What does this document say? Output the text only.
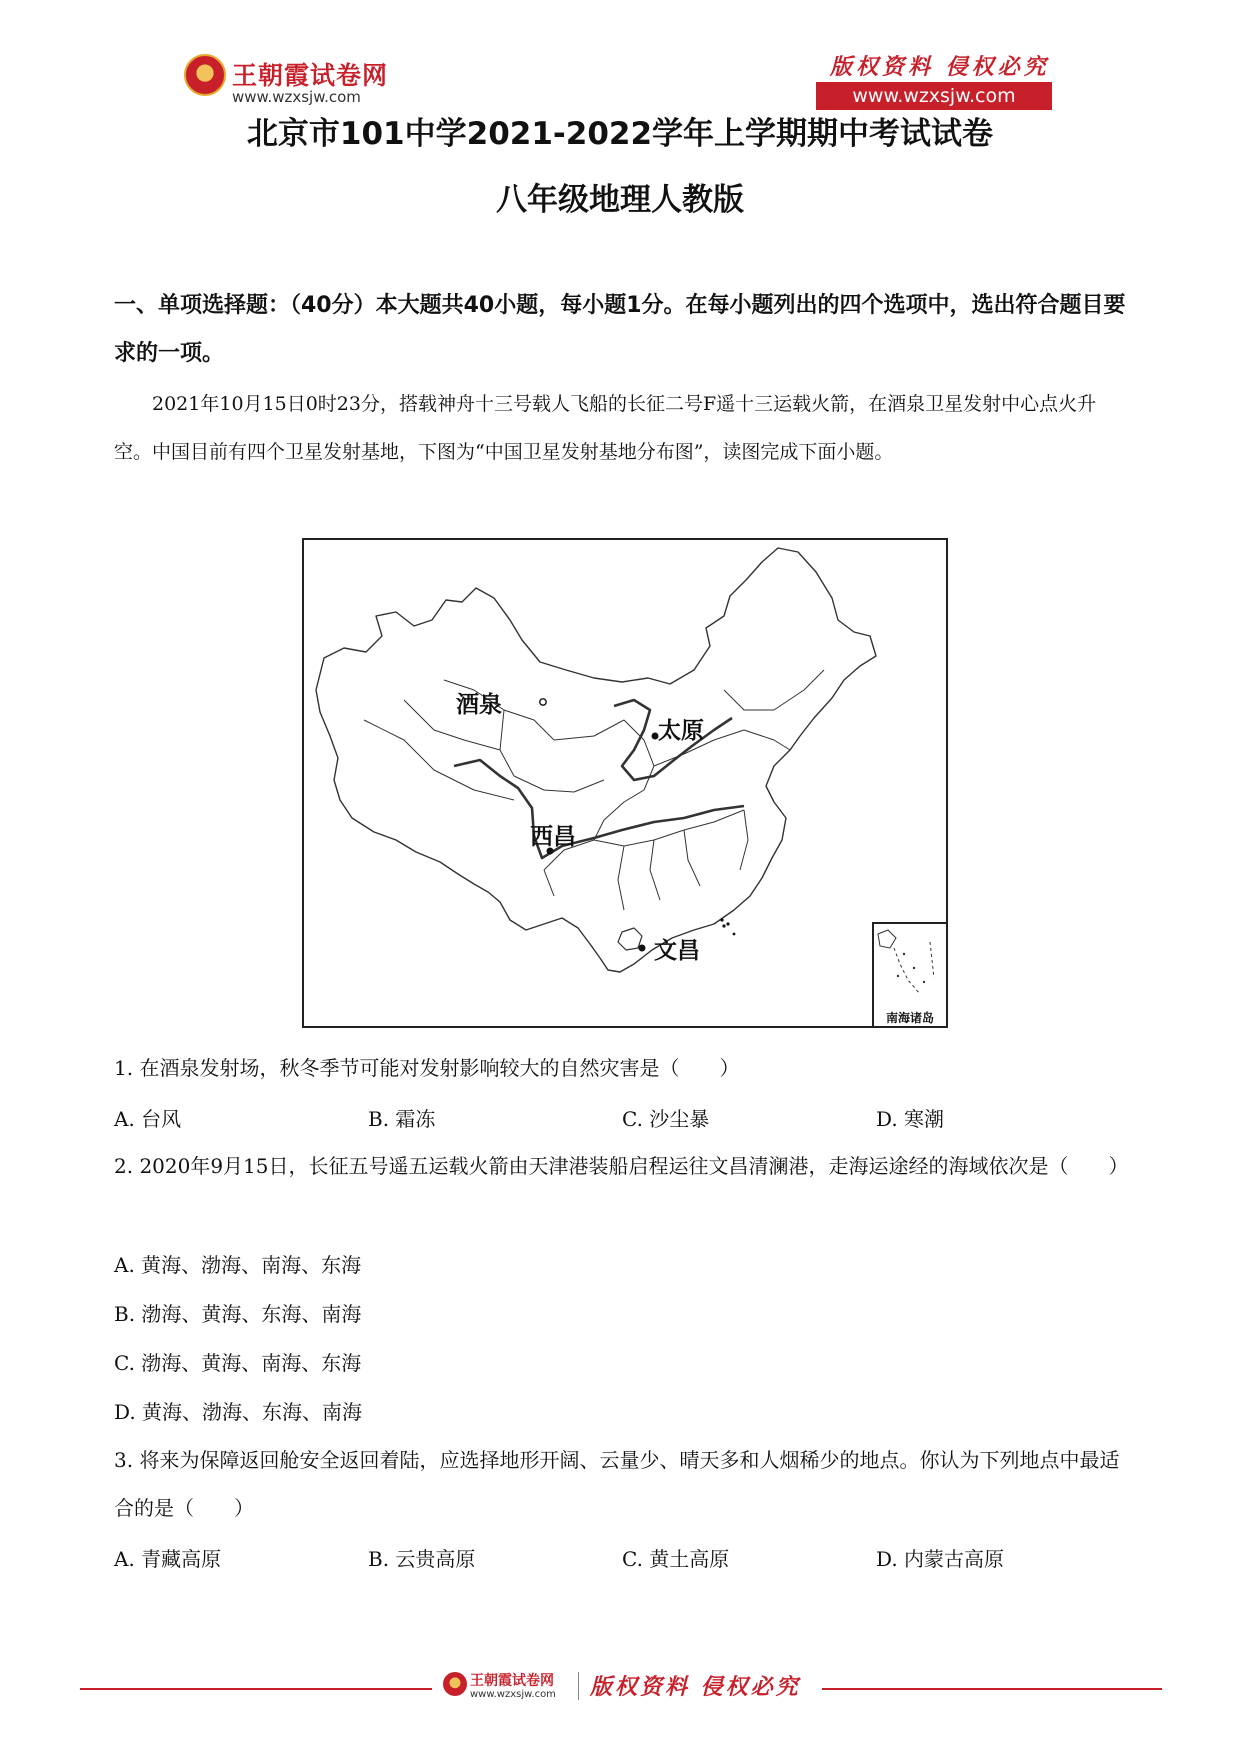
王朝霞试卷网
www.wzxsjw.com
版权资料 侵权必究
www.wzxsjw.com
北京市101中学2021-2022学年上学期期中考试试卷
八年级地理人教版
一、单项选择题：（40分）本大题共40小题，每小题1分。在每小题列出的四个选项中，选出符合题目要求的一项。
2021年10月15日0时23分，搭载神舟十三号载人飞船的长征二号F遥十三运载火箭，在酒泉卫星发射中心点火升空。中国目前有四个卫星发射基地，下图为“中国卫星发射基地分布图”，读图完成下面小题。
酒泉
太原
西昌
文昌
南海诸岛
1. 在酒泉发射场，秋冬季节可能对发射影响较大的自然灾害是（　　）
A. 台风	B. 霜冻	C. 沙尘暴	D. 寒潮
2. 2020年9月15日，长征五号遥五运载火箭由天津港装船启程运往文昌清澜港，走海运途经的海域依次是（　　）
A. 黄海、渤海、南海、东海
B. 渤海、黄海、东海、南海
C. 渤海、黄海、南海、东海
D. 黄海、渤海、东海、南海
3. 将来为保障返回舱安全返回着陆，应选择地形开阔、云量少、晴天多和人烟稀少的地点。你认为下列地点中最适合的是（　　）
A. 青藏高原	B. 云贵高原	C. 黄土高原	D. 内蒙古高原
王朝霞试卷网
www.wzxsjw.com 版权资料 侵权必究
